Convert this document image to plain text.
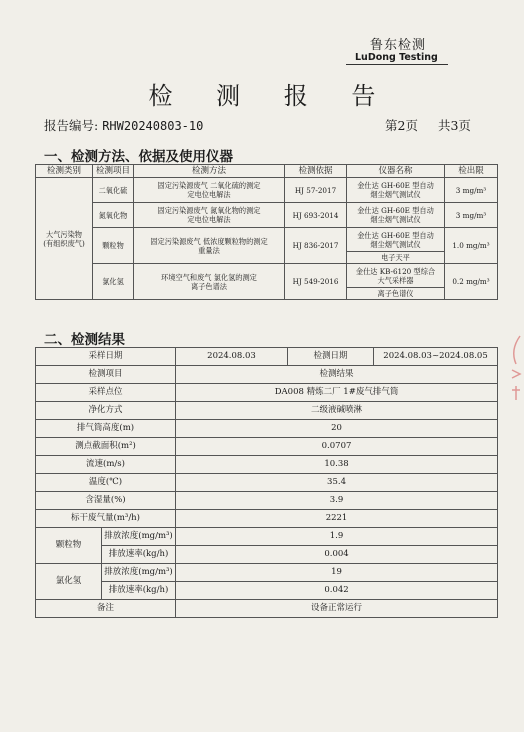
鲁东检测
LuDong Testing
检 测 报 告
报告编号: RHW20240803-10	第2页 共3页
一、检测方法、依据及使用仪器
检测类别	检测项目	检测方法	检测依据	仪器名称	检出限
大气污染物
(有组织废气)	二氧化硫	固定污染源废气 二氧化硫的测定
定电位电解法	HJ 57-2017	金仕达 GH-60E 型自动
烟尘烟气测试仪	3 mg/m³
	氮氧化物	固定污染源废气 氮氧化物的测定
定电位电解法	HJ 693-2014	金仕达 GH-60E 型自动
烟尘烟气测试仪	3 mg/m³
	颗粒物	固定污染源废气 低浓度颗粒物的测定
重量法	HJ 836-2017	金仕达 GH-60E 型自动
烟尘烟气测试仪	1.0 mg/m³
				电子天平	
	氯化氢	环境空气和废气 氯化氢的测定
离子色谱法	HJ 549-2016	金仕达 KB-6120 型综合
大气采样器	0.2 mg/m³
				离子色谱仪	
二、检测结果
采样日期		2024.08.03	检测日期	2024.08.03~2024.08.05
检测项目		检测结果		
采样点位		DA008 精炼二厂 1#废气排气筒		
净化方式		二级液碱喷淋		
排气筒高度(m)		20		
测点截面积(m²)		0.0707		
流速(m/s)		10.38		
温度(℃)		35.4		
含湿量(%)		3.9		
标干废气量(m³/h)		2221		
颗粒物	排放浓度(mg/m³)	1.9		
	排放速率(kg/h)	0.004		
氯化氢	排放浓度(mg/m³)	19		
	排放速率(kg/h)	0.042		
备注		设备正常运行		
